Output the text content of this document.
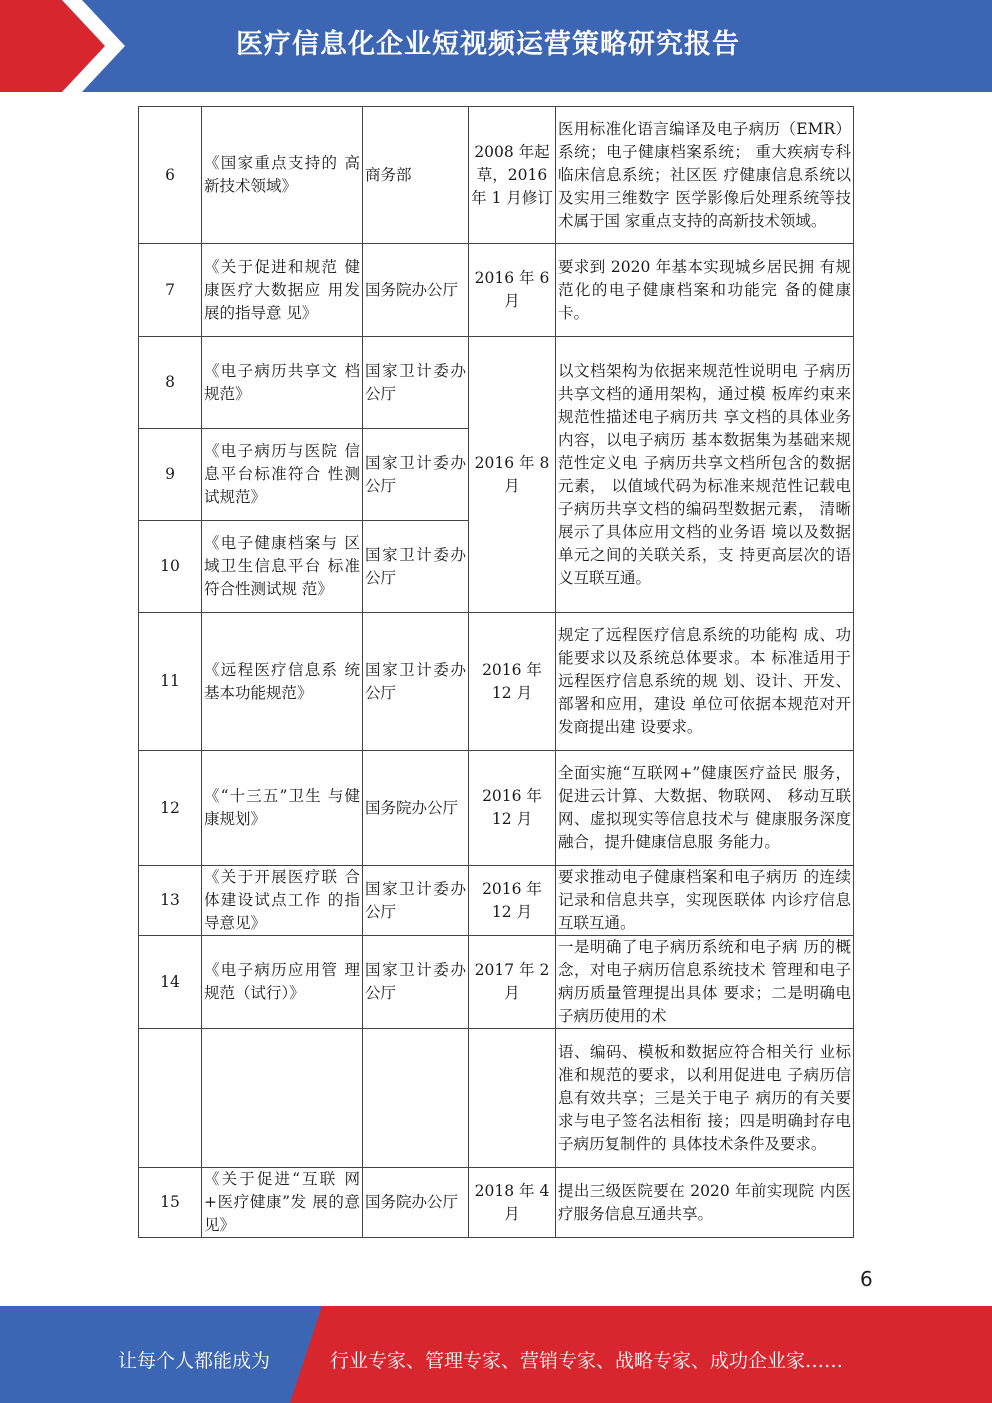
医疗信息化企业短视频运营策略研究报告
6	《国家重点支持的 高新技术领域》	商务部	2008 年起草，2016 年 1 月修订	医用标准化语言编译及电子病历（EMR）系统；电子健康档案系统； 重大疾病专科临床信息系统；社区医 疗健康信息系统以及实用三维数字 医学影像后处理系统等技术属于国 家重点支持的高新技术领域。
7	《关于促进和规范 健康医疗大数据应 用发展的指导意 见》	国务院办公厅	2016 年 6 月	要求到 2020 年基本实现城乡居民拥 有规范化的电子健康档案和功能完 备的健康卡。
8	《电子病历共享文 档规范》	国家卫计委办公厅	2016 年 8 月	以文档架构为依据来规范性说明电 子病历共享文档的通用架构，通过模 板库约束来规范性描述电子病历共 享文档的具体业务内容，以电子病历 基本数据集为基础来规范性定义电 子病历共享文档所包含的数据元素， 以值域代码为标准来规范性记载电 子病历共享文档的编码型数据元素， 清晰展示了具体应用文档的业务语 境以及数据单元之间的关联关系，支 持更高层次的语义互联互通。
9	《电子病历与医院 信息平台标准符合 性测试规范》	国家卫计委办公厅		
10	《电子健康档案与 区域卫生信息平台 标准符合性测试规 范》	国家卫计委办公厅		
11	《远程医疗信息系 统基本功能规范》	国家卫计委办公厅	2016 年 12 月	规定了远程医疗信息系统的功能构 成、功能要求以及系统总体要求。本 标准适用于远程医疗信息系统的规 划、设计、开发、部署和应用，建设 单位可依据本规范对开发商提出建 设要求。
12	《“十三五”卫生 与健康规划》	国务院办公厅	2016 年 12 月	全面实施“互联网+”健康医疗益民 服务，促进云计算、大数据、物联网、 移动互联网、虚拟现实等信息技术与 健康服务深度融合，提升健康信息服 务能力。
13	《关于开展医疗联 合体建设试点工作 的指导意见》	国家卫计委办公厅	2016 年 12 月	要求推动电子健康档案和电子病历 的连续记录和信息共享，实现医联体 内诊疗信息互联互通。
14	《电子病历应用管 理规范（试行）》	国家卫计委办公厅	2017 年 2 月	一是明确了电子病历系统和电子病 历的概念，对电子病历信息系统技术 管理和电子病历质量管理提出具体 要求；二是明确电子病历使用的术
				语、编码、模板和数据应符合相关行 业标准和规范的要求，以利用促进电 子病历信息有效共享；三是关于电子 病历的有关要求与电子签名法相衔 接；四是明确封存电子病历复制件的 具体技术条件及要求。
15	《关于促进“互联 网+医疗健康”发 展的意见》	国务院办公厅	2018 年 4 月	提出三级医院要在 2020 年前实现院 内医疗服务信息互通共享。
6
让每个人都能成为	行业专家、管理专家、营销专家、战略专家、成功企业家……
